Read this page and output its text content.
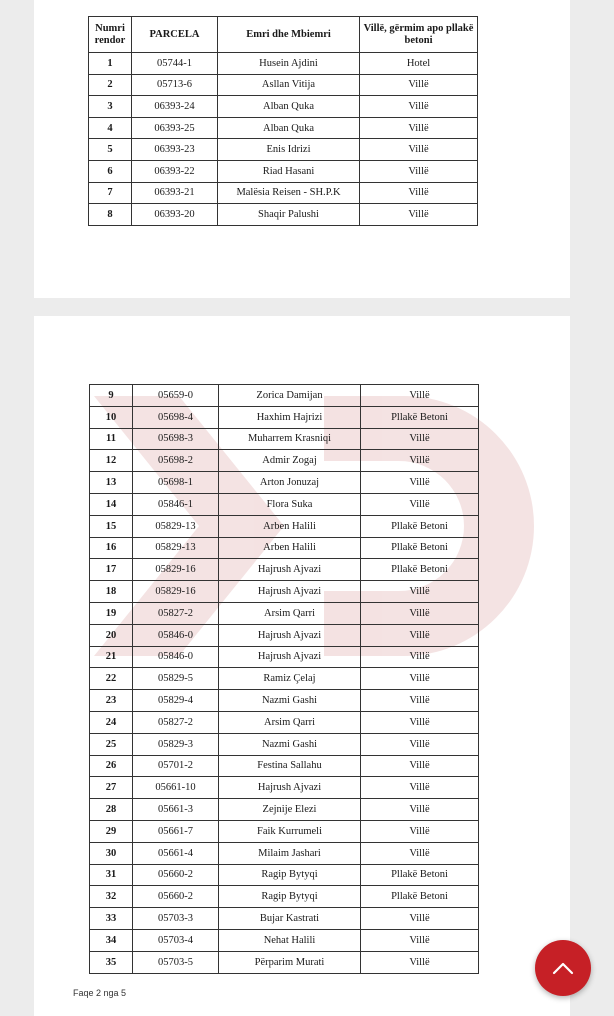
Numri rendor	PARCELA	Emri dhe Mbiemri	Villë, gërmim apo pllakë betoni
1	05744-1	Husein Ajdini	Hotel
2	05713-6	Asllan Vitija	Villë
3	06393-24	Alban Quka	Villë
4	06393-25	Alban Quka	Villë
5	06393-23	Enis Idrizi	Villë
6	06393-22	Riad Hasani	Villë
7	06393-21	Malësia Reisen - SH.P.K	Villë
8	06393-20	Shaqir Palushi	Villë
9	05659-0	Zorica Damijan	Villë
10	05698-4	Haxhim Hajrizi	Pllakë Betoni
11	05698-3	Muharrem Krasniqi	Villë
12	05698-2	Admir Zogaj	Villë
13	05698-1	Arton Jonuzaj	Villë
14	05846-1	Flora Suka	Villë
15	05829-13	Arben Halili	Pllakë Betoni
16	05829-13	Arben Halili	Pllakë Betoni
17	05829-16	Hajrush Ajvazi	Pllakë Betoni
18	05829-16	Hajrush Ajvazi	Villë
19	05827-2	Arsim Qarri	Villë
20	05846-0	Hajrush Ajvazi	Villë
21	05846-0	Hajrush Ajvazi	Villë
22	05829-5	Ramiz Çelaj	Villë
23	05829-4	Nazmi Gashi	Villë
24	05827-2	Arsim Qarri	Villë
25	05829-3	Nazmi Gashi	Villë
26	05701-2	Festina Sallahu	Villë
27	05661-10	Hajrush Ajvazi	Villë
28	05661-3	Zejnije Elezi	Villë
29	05661-7	Faik Kurrumeli	Villë
30	05661-4	Milaim Jashari	Villë
31	05660-2	Ragip Bytyqi	Pllakë Betoni
32	05660-2	Ragip Bytyqi	Pllakë Betoni
33	05703-3	Bujar Kastrati	Villë
34	05703-4	Nehat Halili	Villë
35	05703-5	Përparim Murati	Villë
Faqe 2 nga 5
